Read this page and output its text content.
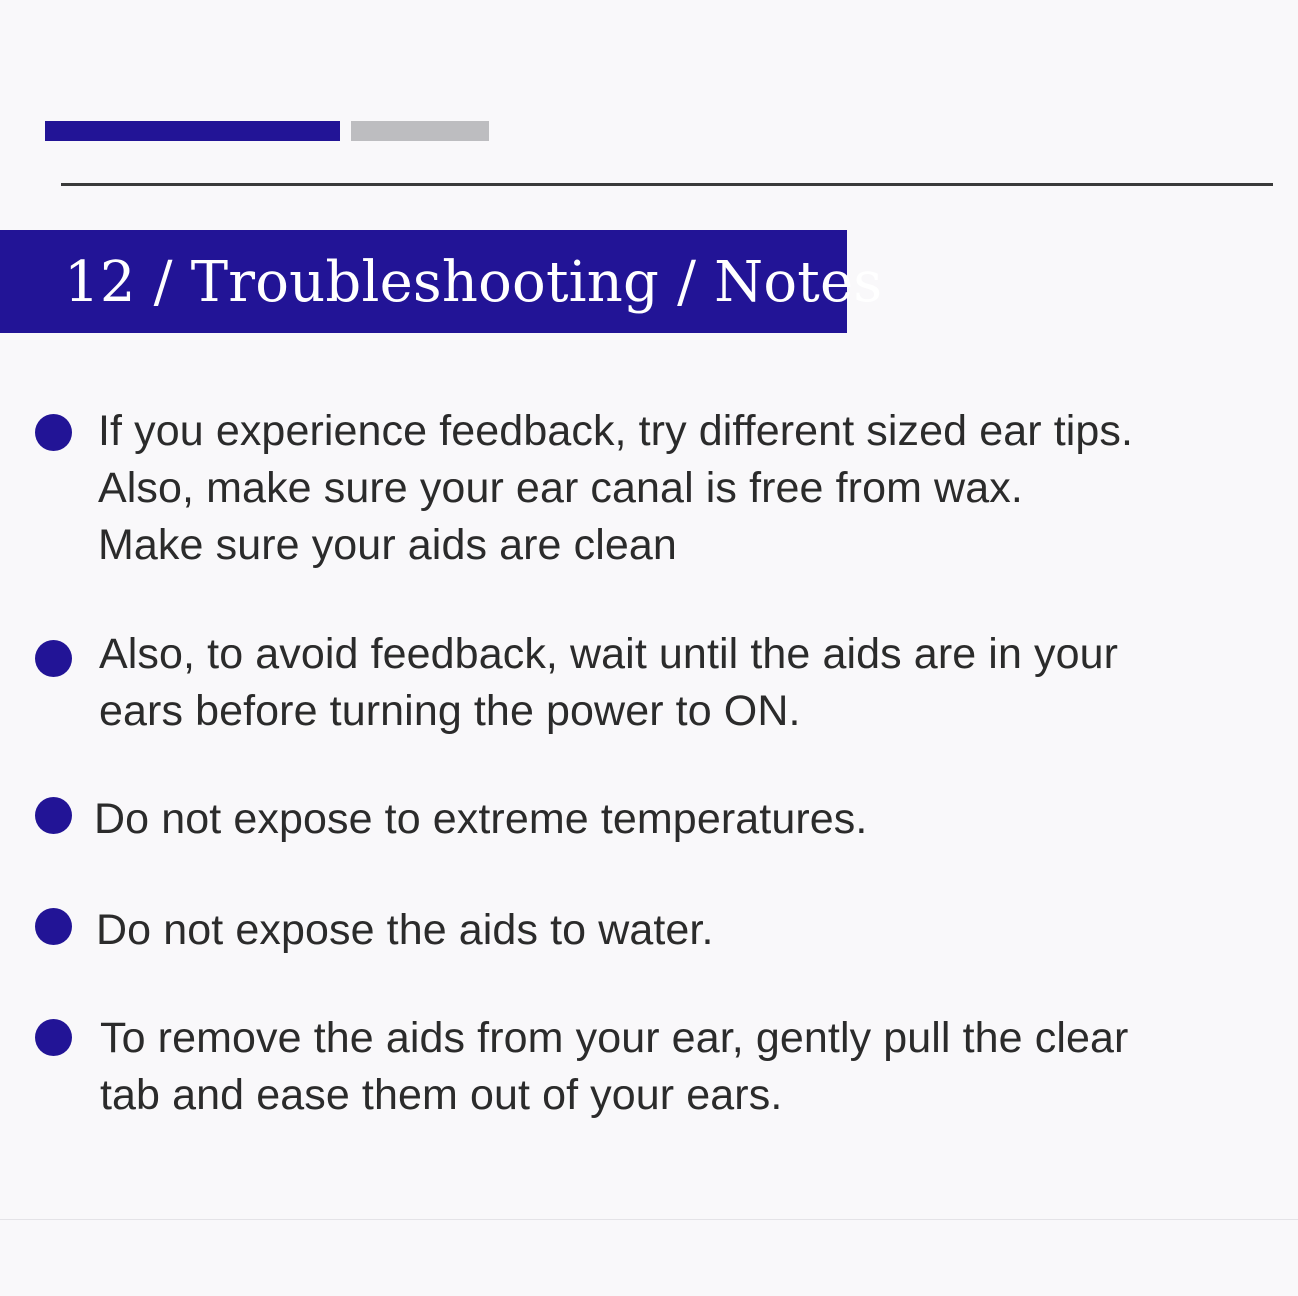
12 / Troubleshooting / Notes
If you experience feedback, try different sized ear tips.
Also, make sure your ear canal is free from wax.
Make sure your aids are clean
Also, to avoid feedback, wait until the aids are in your
ears before turning the power to ON.
Do not expose to extreme temperatures.
Do not expose the aids to water.
To remove the aids from your ear, gently pull the clear
tab and ease them out of your ears.
